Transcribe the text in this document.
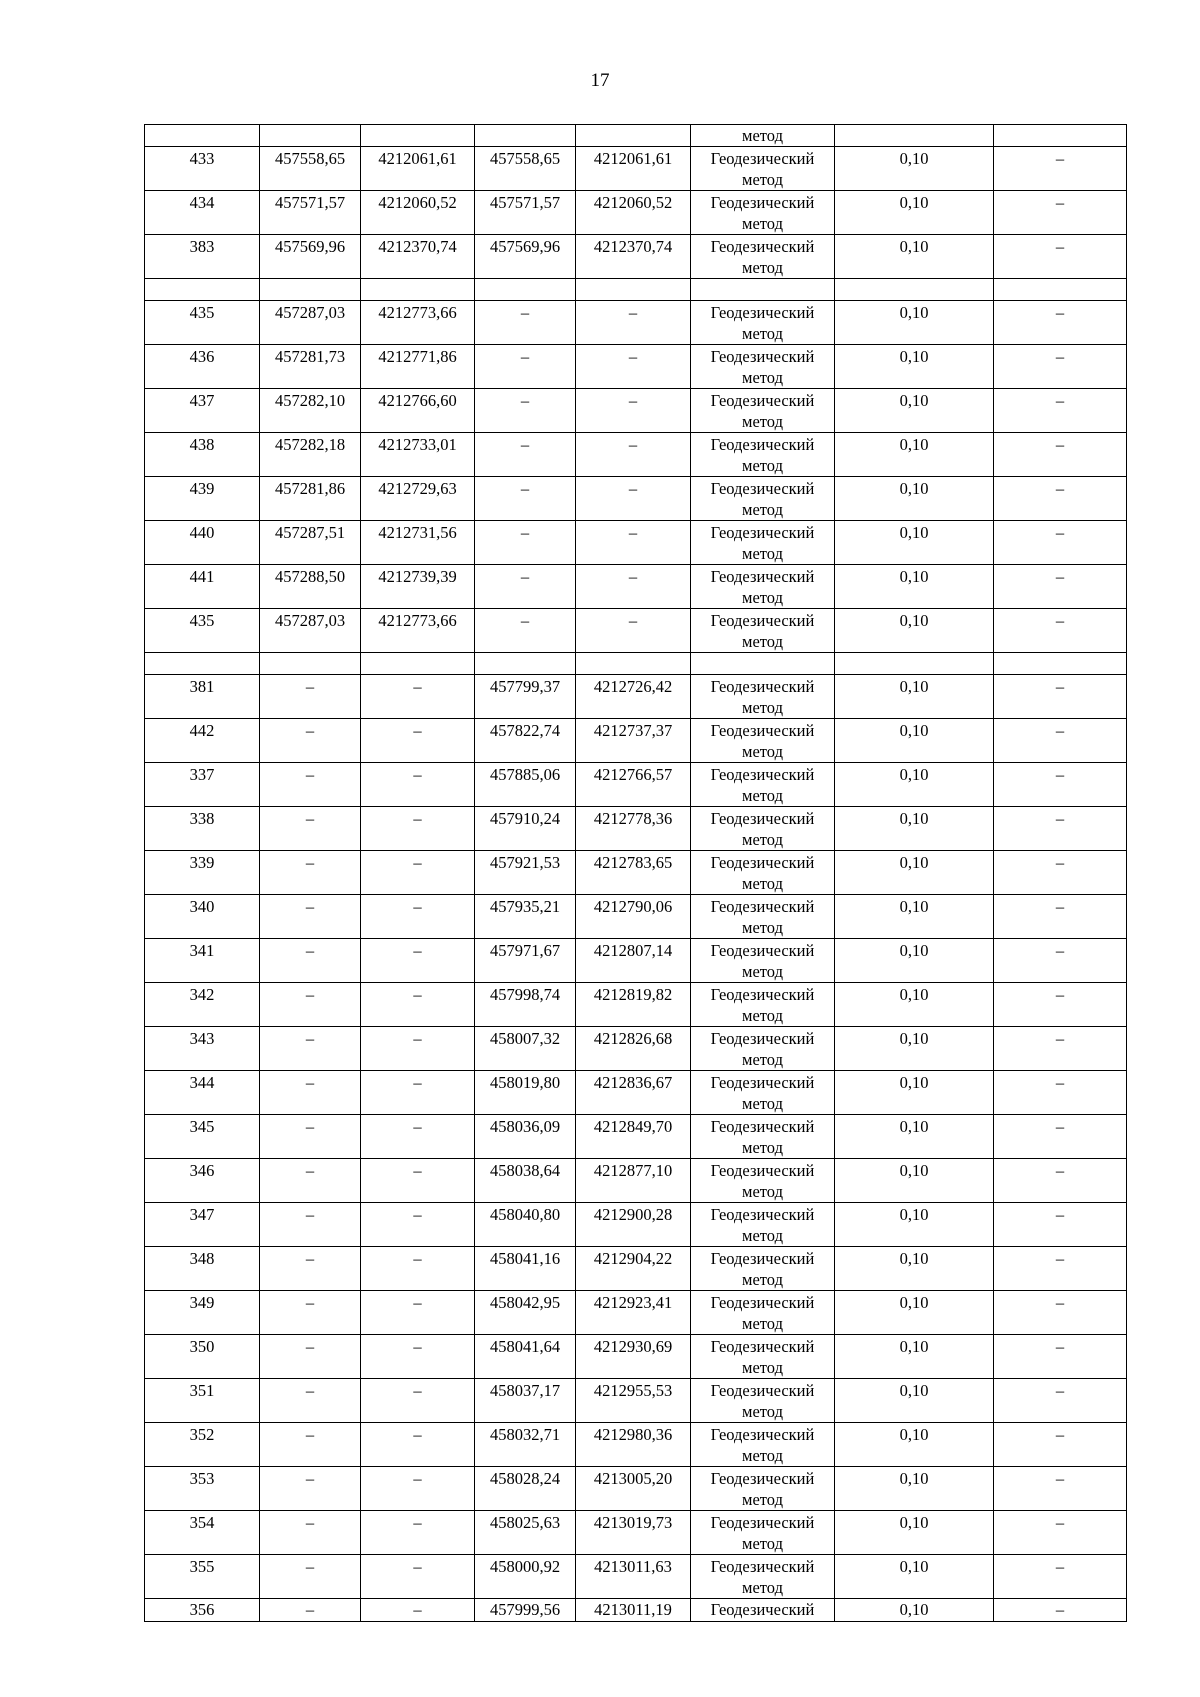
17
					метод		
433	457558,65	4212061,61	457558,65	4212061,61	Геодезический
метод	0,10	–
434	457571,57	4212060,52	457571,57	4212060,52	Геодезический
метод	0,10	–
383	457569,96	4212370,74	457569,96	4212370,74	Геодезический
метод	0,10	–

435	457287,03	4212773,66	–	–	Геодезический
метод	0,10	–
436	457281,73	4212771,86	–	–	Геодезический
метод	0,10	–
437	457282,10	4212766,60	–	–	Геодезический
метод	0,10	–
438	457282,18	4212733,01	–	–	Геодезический
метод	0,10	–
439	457281,86	4212729,63	–	–	Геодезический
метод	0,10	–
440	457287,51	4212731,56	–	–	Геодезический
метод	0,10	–
441	457288,50	4212739,39	–	–	Геодезический
метод	0,10	–
435	457287,03	4212773,66	–	–	Геодезический
метод	0,10	–

381	–	–	457799,37	4212726,42	Геодезический
метод	0,10	–
442	–	–	457822,74	4212737,37	Геодезический
метод	0,10	–
337	–	–	457885,06	4212766,57	Геодезический
метод	0,10	–
338	–	–	457910,24	4212778,36	Геодезический
метод	0,10	–
339	–	–	457921,53	4212783,65	Геодезический
метод	0,10	–
340	–	–	457935,21	4212790,06	Геодезический
метод	0,10	–
341	–	–	457971,67	4212807,14	Геодезический
метод	0,10	–
342	–	–	457998,74	4212819,82	Геодезический
метод	0,10	–
343	–	–	458007,32	4212826,68	Геодезический
метод	0,10	–
344	–	–	458019,80	4212836,67	Геодезический
метод	0,10	–
345	–	–	458036,09	4212849,70	Геодезический
метод	0,10	–
346	–	–	458038,64	4212877,10	Геодезический
метод	0,10	–
347	–	–	458040,80	4212900,28	Геодезический
метод	0,10	–
348	–	–	458041,16	4212904,22	Геодезический
метод	0,10	–
349	–	–	458042,95	4212923,41	Геодезический
метод	0,10	–
350	–	–	458041,64	4212930,69	Геодезический
метод	0,10	–
351	–	–	458037,17	4212955,53	Геодезический
метод	0,10	–
352	–	–	458032,71	4212980,36	Геодезический
метод	0,10	–
353	–	–	458028,24	4213005,20	Геодезический
метод	0,10	–
354	–	–	458025,63	4213019,73	Геодезический
метод	0,10	–
355	–	–	458000,92	4213011,63	Геодезический
метод	0,10	–
356	–	–	457999,56	4213011,19	Геодезический	0,10	–
